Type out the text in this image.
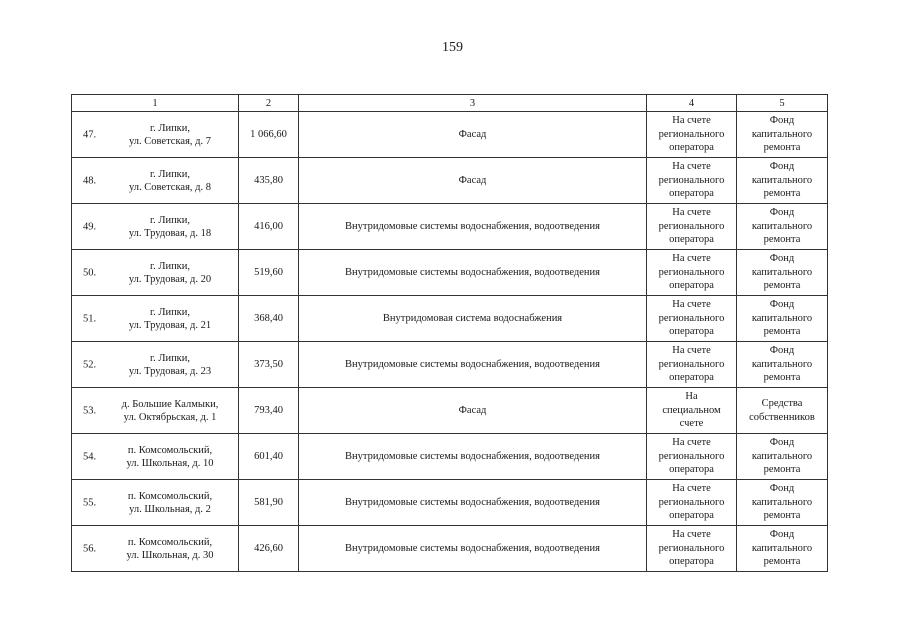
159
1	2	3	4	5

47.
г. Липки,
ул. Советская, д. 7	1 066,60	Фасад	На счете
регионального
оператора	Фонд
капитального
ремонта

48.
г. Липки,
ул. Советская, д. 8	435,80	Фасад	На счете
регионального
оператора	Фонд
капитального
ремонта

49.
г. Липки,
ул. Трудовая, д. 18	416,00	Внутридомовые системы водоснабжения, водоотведения	На счете
регионального
оператора	Фонд
капитального
ремонта

50.
г. Липки,
ул. Трудовая, д. 20	519,60	Внутридомовые системы водоснабжения, водоотведения	На счете
регионального
оператора	Фонд
капитального
ремонта

51.
г. Липки,
ул. Трудовая, д. 21	368,40	Внутридомовая система водоснабжения	На счете
регионального
оператора	Фонд
капитального
ремонта

52.
г. Липки,
ул. Трудовая, д. 23	373,50	Внутридомовые системы водоснабжения, водоотведения	На счете
регионального
оператора	Фонд
капитального
ремонта

53.
д. Большие Калмыки,
ул. Октябрьская, д. 1	793,40	Фасад	На
специальном
счете	Средства
собственников

54.
п. Комсомольский,
ул. Школьная, д. 10	601,40	Внутридомовые системы водоснабжения, водоотведения	На счете
регионального
оператора	Фонд
капитального
ремонта

55.
п. Комсомольский,
ул. Школьная, д. 2	581,90	Внутридомовые системы водоснабжения, водоотведения	На счете
регионального
оператора	Фонд
капитального
ремонта

56.
п. Комсомольский,
ул. Школьная, д. 30	426,60	Внутридомовые системы водоснабжения, водоотведения	На счете
регионального
оператора	Фонд
капитального
ремонта
